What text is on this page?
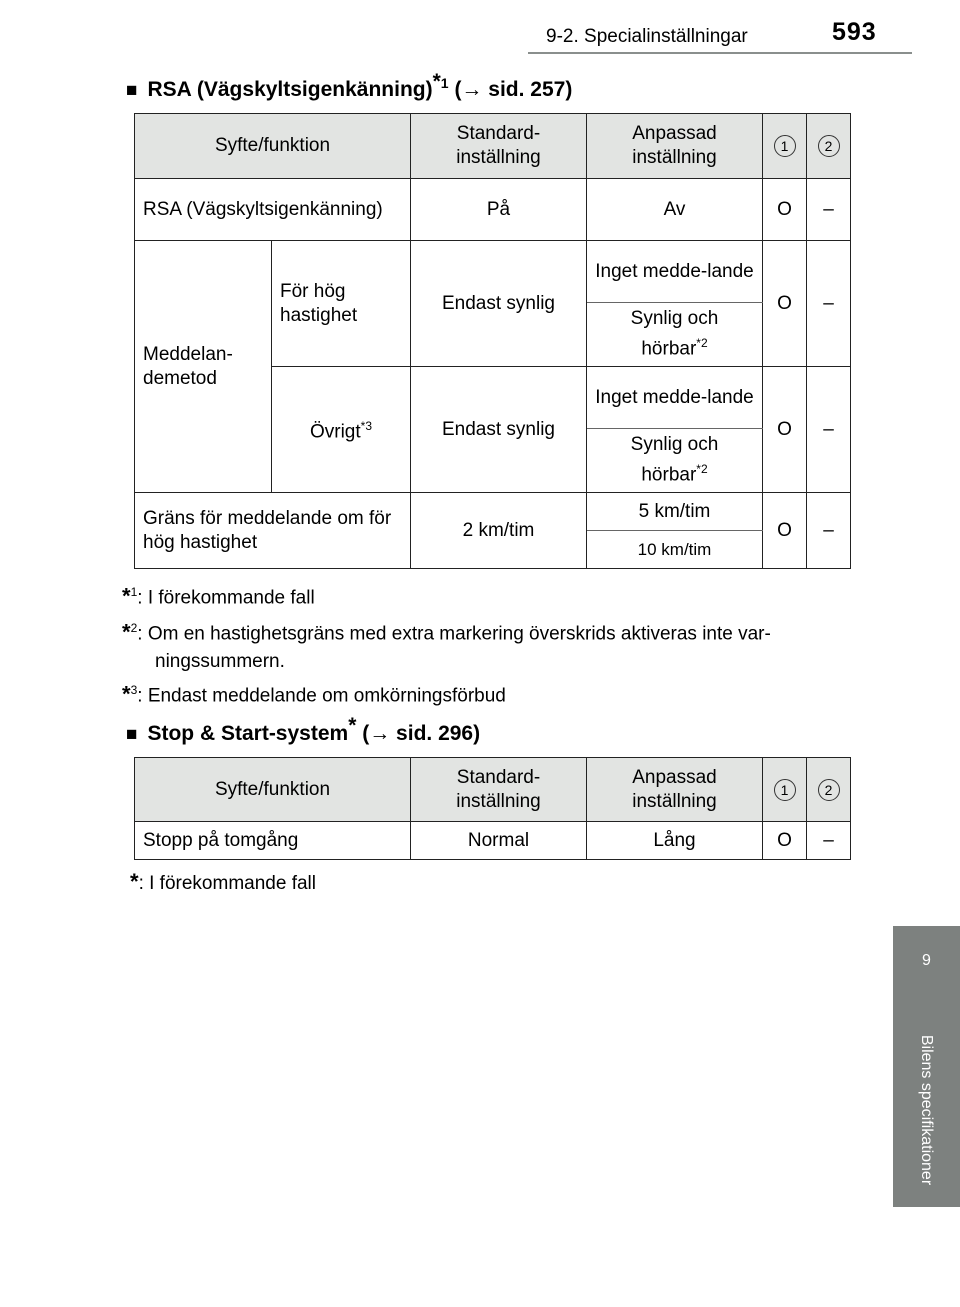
9-2. Specialinställningar	593
9
Bilens specifikationer
■ RSA (Vägskyltsigenkänning)$^{*1}$ (→ sid. 257)
Syfte/funktion		Standard-inställning	Anpassad inställning	1	2
RSA (Vägskyltsigenkänning)		På	Av	O	–
Meddelan-demetod	För hög hastighet	Endast synlig	Inget medde-lande	O	–
			Synlig och hörbar$^{*2}$
	Övrigt$^{*3}$	Endast synlig	Inget medde-lande	O	–
			Synlig och hörbar$^{*2}$
Gräns för meddelande om för hög hastighet		2 km/tim	5 km/tim	O	–
			10 km/tim		
*$^1$: I förekommande fall
*$^2$: Om en hastighetsgräns med extra markering överskrids aktiveras inte var-
ningssummern.
*$^3$: Endast meddelande om omkörningsförbud
■ Stop & Start-system* (→ sid. 296)
Syfte/funktion	Standard-inställning	Anpassad inställning	1	2
Stopp på tomgång	Normal	Lång	O	–
*: I förekommande fall
